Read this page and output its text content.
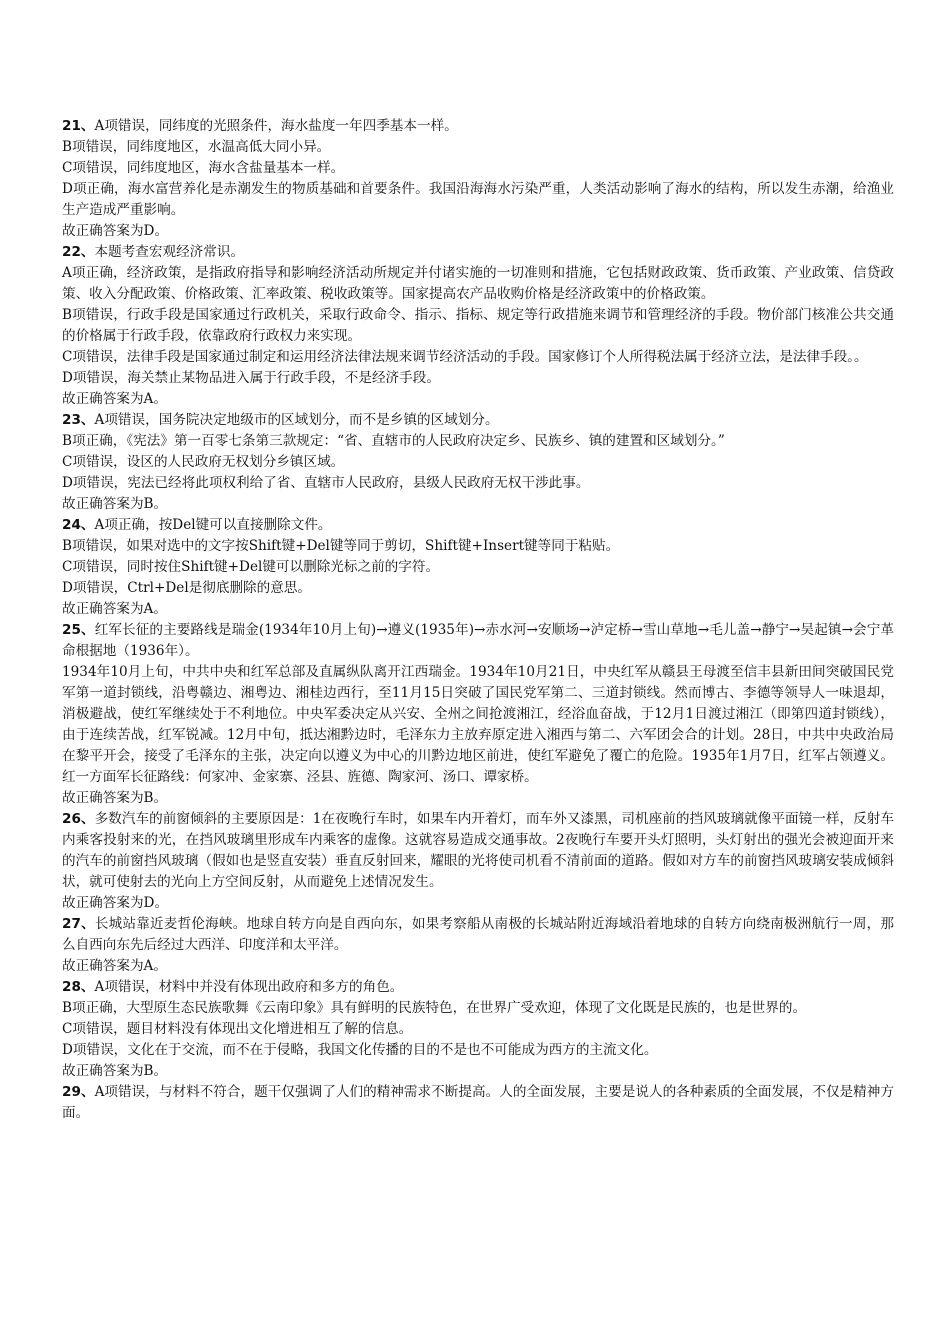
21、A项错误，同纬度的光照条件，海水盐度一年四季基本一样。

B项错误，同纬度地区，水温高低大同小异。

C项错误，同纬度地区，海水含盐量基本一样。

D项正确，海水富营养化是赤潮发生的物质基础和首要条件。我国沿海海水污染严重，人类活动影响了海水的结构，所以发生赤潮，给渔业生产造成严重影响。

故正确答案为D。

22、本题考查宏观经济常识。

A项正确，经济政策，是指政府指导和影响经济活动所规定并付诸实施的一切准则和措施，它包括财政政策、货币政策、产业政策、信贷政策、收入分配政策、价格政策、汇率政策、税收政策等。国家提高农产品收购价格是经济政策中的价格政策。

B项错误，行政手段是国家通过行政机关，采取行政命令、指示、指标、规定等行政措施来调节和管理经济的手段。物价部门核准公共交通的价格属于行政手段，依靠政府行政权力来实现。

C项错误，法律手段是国家通过制定和运用经济法律法规来调节经济活动的手段。国家修订个人所得税法属于经济立法，是法律手段。。

D项错误，海关禁止某物品进入属于行政手段，不是经济手段。

故正确答案为A。

23、A项错误，国务院决定地级市的区域划分，而不是乡镇的区域划分。

B项正确，《宪法》第一百零七条第三款规定：“省、直辖市的人民政府决定乡、民族乡、镇的建置和区域划分。”

C项错误，设区的人民政府无权划分乡镇区域。

D项错误，宪法已经将此项权利给了省、直辖市人民政府，县级人民政府无权干涉此事。

故正确答案为B。

24、A项正确，按Del键可以直接删除文件。

B项错误，如果对选中的文字按Shift键+Del键等同于剪切，Shift键+Insert键等同于粘贴。

C项错误，同时按住Shift键+Del键可以删除光标之前的字符。

D项错误，Ctrl+Del是彻底删除的意思。

故正确答案为A。

25、红军长征的主要路线是瑞金(1934年10月上旬)→遵义(1935年)→赤水河→安顺场→泸定桥→雪山草地→毛儿盖→静宁→吴起镇→会宁革命根据地（1936年）。

1934年10月上旬，中共中央和红军总部及直属纵队离开江西瑞金。1934年10月21日，中央红军从赣县王母渡至信丰县新田间突破国民党军第一道封锁线，沿粤赣边、湘粤边、湘桂边西行，至11月15日突破了国民党军第二、三道封锁线。然而博古、李德等领导人一味退却，消极避战，使红军继续处于不利地位。中央军委决定从兴安、全州之间抢渡湘江，经浴血奋战，于12月1日渡过湘江（即第四道封锁线），由于连续苦战，红军锐减。12月中旬，抵达湘黔边时，毛泽东力主放弃原定进入湘西与第二、六军团会合的计划。28日，中共中央政治局在黎平开会，接受了毛泽东的主张，决定向以遵义为中心的川黔边地区前进，使红军避免了覆亡的危险。1935年1月7日，红军占领遵义。红一方面军长征路线：何家冲、金家寨、泾县、旌德、陶家河、汤口、谭家桥。

故正确答案为B。

26、多数汽车的前窗倾斜的主要原因是：1在夜晚行车时，如果车内开着灯，而车外又漆黑，司机座前的挡风玻璃就像平面镜一样，反射车内乘客投射来的光，在挡风玻璃里形成车内乘客的虚像。这就容易造成交通事故。2夜晚行车要开头灯照明，头灯射出的强光会被迎面开来的汽车的前窗挡风玻璃（假如也是竖直安装）垂直反射回来，耀眼的光将使司机看不清前面的道路。假如对方车的前窗挡风玻璃安装成倾斜状，就可使射去的光向上方空间反射，从而避免上述情况发生。

故正确答案为D。

27、长城站靠近麦哲伦海峡。地球自转方向是自西向东，如果考察船从南极的长城站附近海域沿着地球的自转方向绕南极洲航行一周，那么自西向东先后经过大西洋、印度洋和太平洋。

故正确答案为A。

28、A项错误，材料中并没有体现出政府和多方的角色。

B项正确，大型原生态民族歌舞《云南印象》具有鲜明的民族特色，在世界广受欢迎，体现了文化既是民族的，也是世界的。

C项错误，题目材料没有体现出文化增进相互了解的信息。

D项错误，文化在于交流，而不在于侵略，我国文化传播的目的不是也不可能成为西方的主流文化。

故正确答案为B。

29、A项错误，与材料不符合，题干仅强调了人们的精神需求不断提高。人的全面发展，主要是说人的各种素质的全面发展，不仅是精神方面。
